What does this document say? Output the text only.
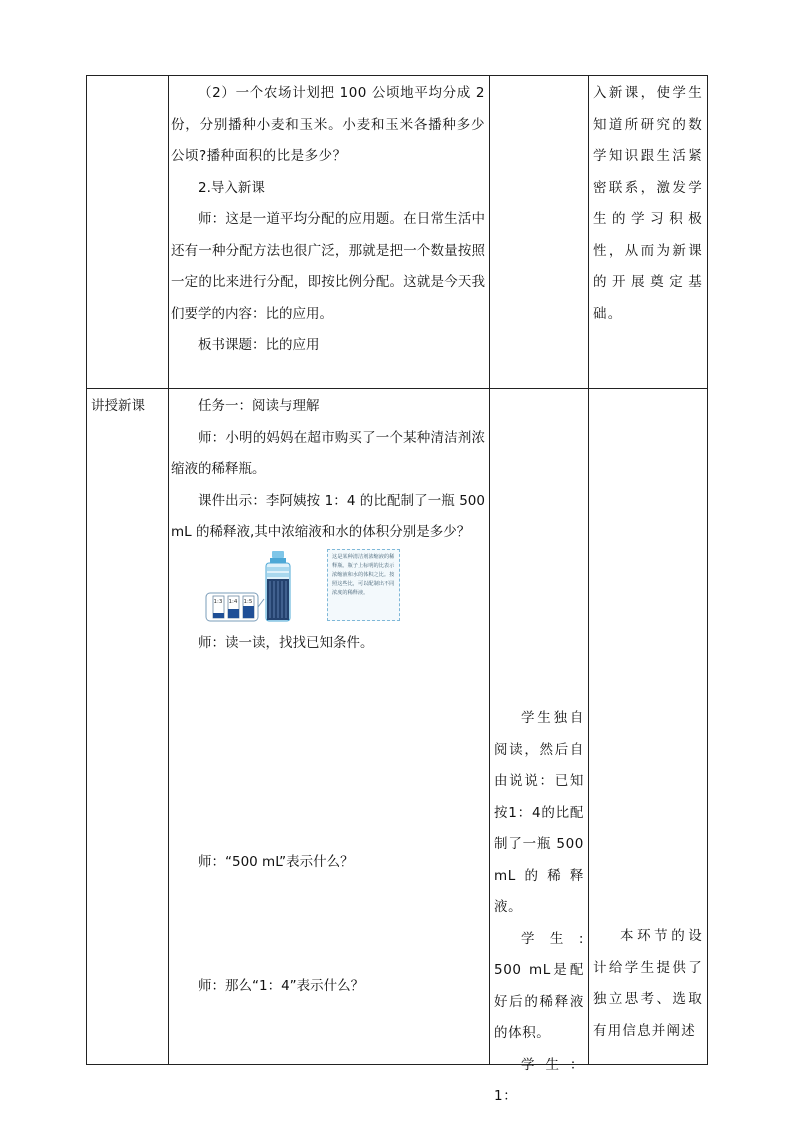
（2）一个农场计划把 100 公顷地平均分成 2 份，分别播种小麦和玉米。小麦和玉米各播种多少公顷?播种面积的比是多少？

2.导入新课

师：这是一道平均分配的应用题。在日常生活中还有一种分配方法也很广泛，那就是把一个数量按照一定的比来进行分配，即按比例分配。这就是今天我们要学的内容：比的应用。

板书课题：比的应用

入新课，使学生知道所研究的数学知识跟生活紧密联系，激发学生的学习积极性，从而为新课的开展奠定基础。

讲授新课	任务一：阅读与理解

师：小明的妈妈在超市购买了一个某种清洁剂浓缩液的稀释瓶。

课件出示：李阿姨按 1：4 的比配制了一瓶 500 mL 的稀释液,其中浓缩液和水的体积分别是多少？

1:3 1:4 1:5
这是某种清洁剂浓缩液的稀释瓶。瓶子上标明的比表示浓缩液和水的体积之比。按照这些比，可以配制出不同浓度的稀释液。

师：读一读，找找已知条件。

师：“500 mL”表示什么？

师：那么“1：4”表示什么？

学生独自阅读，然后自由说说：已知按1：4的比配制了一瓶 500 mL的稀释液。

学生: 500 mL是配好后的稀释液的体积。

学生：1：

本环节的设计给学生提供了独立思考、选取有用信息并阐述
